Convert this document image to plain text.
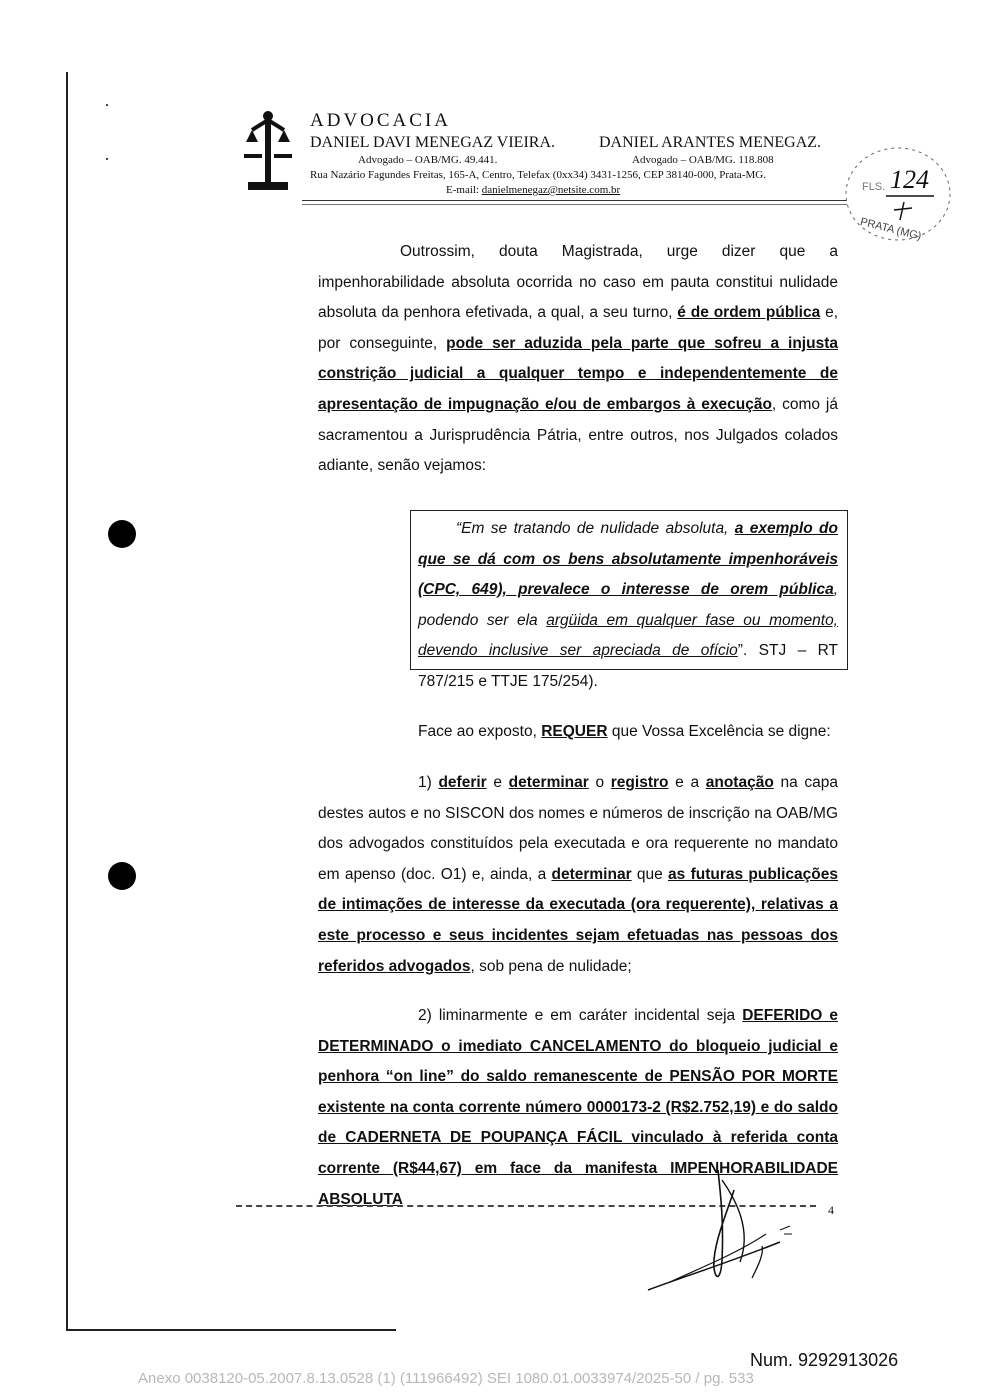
ADVOCACIA
DANIEL DAVI MENEGAZ VIEIRA.	DANIEL ARANTES MENEGAZ.
Advogado – OAB/MG. 49.441.	Advogado – OAB/MG. 118.808
Rua Nazário Fagundes Freitas, 165-A, Centro, Telefax (0xx34) 3431-1256, CEP 38140-000, Prata-MG.
E-mail: danielmenegaz@netsite.com.br	FLS. 124
PRATA (MG)

Outrossim, douta Magistrada, urge dizer que a impenhorabilidade absoluta ocorrida no caso em pauta constitui nulidade absoluta da penhora efetivada, a qual, a seu turno, é de ordem pública e, por conseguinte, pode ser aduzida pela parte que sofreu a injusta constrição judicial a qualquer tempo e independentemente de apresentação de impugnação e/ou de embargos à execução, como já sacramentou a Jurisprudência Pátria, entre outros, nos Julgados colados adiante, senão vejamos:

“Em se tratando de nulidade absoluta, a exemplo do que se dá com os bens absolutamente impenhoráveis (CPC, 649), prevalece o interesse de orem pública, podendo ser ela argüida em qualquer fase ou momento, devendo inclusive ser apreciada de ofício”. STJ – RT 787/215 e TTJE 175/254).

Face ao exposto, REQUER que Vossa Excelência se digne:

1) deferir e determinar o registro e a anotação na capa destes autos e no SISCON dos nomes e números de inscrição na OAB/MG dos advogados constituídos pela executada e ora requerente no mandato em apenso (doc. O1) e, ainda, a determinar que as futuras publicações de intimações de interesse da executada (ora requerente), relativas a este processo e seus incidentes sejam efetuadas nas pessoas dos referidos advogados, sob pena de nulidade;

2) liminarmente e em caráter incidental seja DEFERIDO e DETERMINADO o imediato CANCELAMENTO do bloqueio judicial e penhora “on line” do saldo remanescente de PENSÃO POR MORTE existente na conta corrente número 0000173-2 (R$2.752,19) e do saldo de CADERNETA DE POUPANÇA FÁCIL vinculado à referida conta corrente (R$44,67) em face da manifesta IMPENHORABILIDADE ABSOLUTA

4
Num. 9292913026
Anexo 0038120-05.2007.8.13.0528 (1) (111966492) SEI 1080.01.0033974/2025-50 / pg. 533
